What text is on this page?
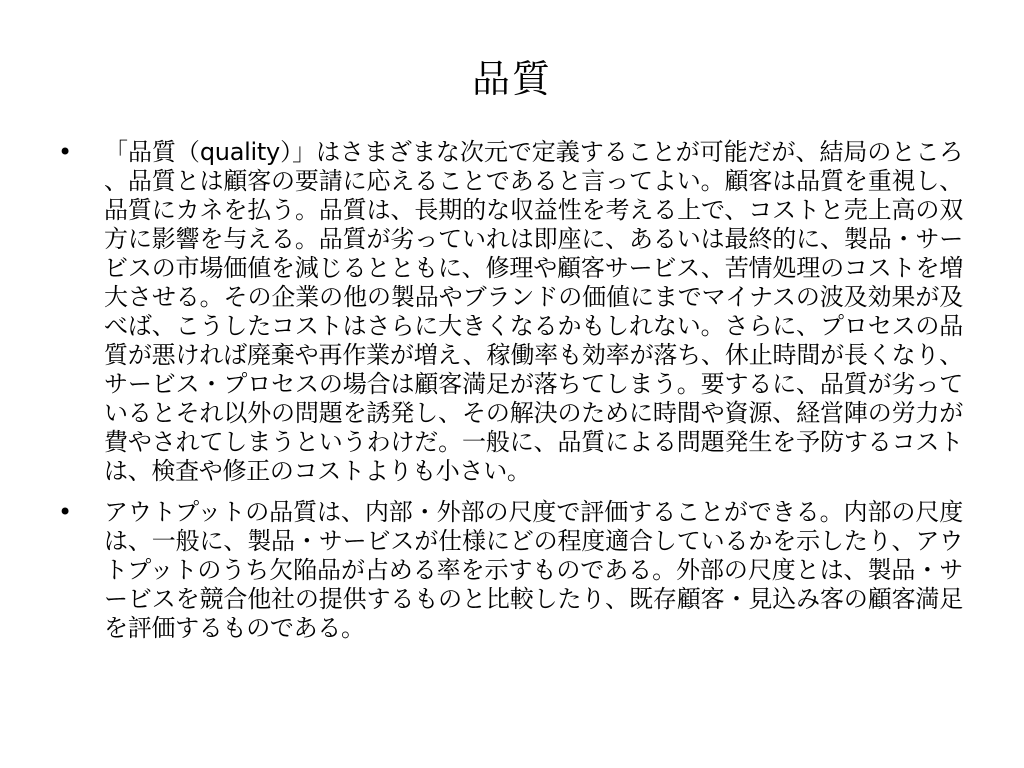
品質
• 「品質（quality）」はさまざまな次元で定義することが可能だが、結局のところ、品質とは顧客の要請に応えることであると言ってよい。顧客は品質を重視し、品質にカネを払う。品質は、長期的な収益性を考える上で、コストと売上高の双方に影響を与える。品質が劣っていれは即座に、あるいは最終的に、製品・サービスの市場価値を減じるとともに、修理や顧客サービス、苦情処理のコストを増大させる。その企業の他の製品やブランドの価値にまでマイナスの波及効果が及べば、こうしたコストはさらに大きくなるかもしれない。さらに、プロセスの品質が悪ければ廃棄や再作業が増え、稼働率も効率が落ち、休止時間が長くなり、サービス・プロセスの場合は顧客満足が落ちてしまう。要するに、品質が劣っているとそれ以外の問題を誘発し、その解決のために時間や資源、経営陣の労力が費やされてしまうというわけだ。一般に、品質による問題発生を予防するコストは、検査や修正のコストよりも小さい。
• アウトプットの品質は、内部・外部の尺度で評価することができる。内部の尺度は、一般に、製品・サービスが仕様にどの程度適合しているかを示したり、アウトプットのうち欠陥品が占める率を示すものである。外部の尺度とは、製品・サービスを競合他社の提供するものと比較したり、既存顧客・見込み客の顧客満足を評価するものである。
